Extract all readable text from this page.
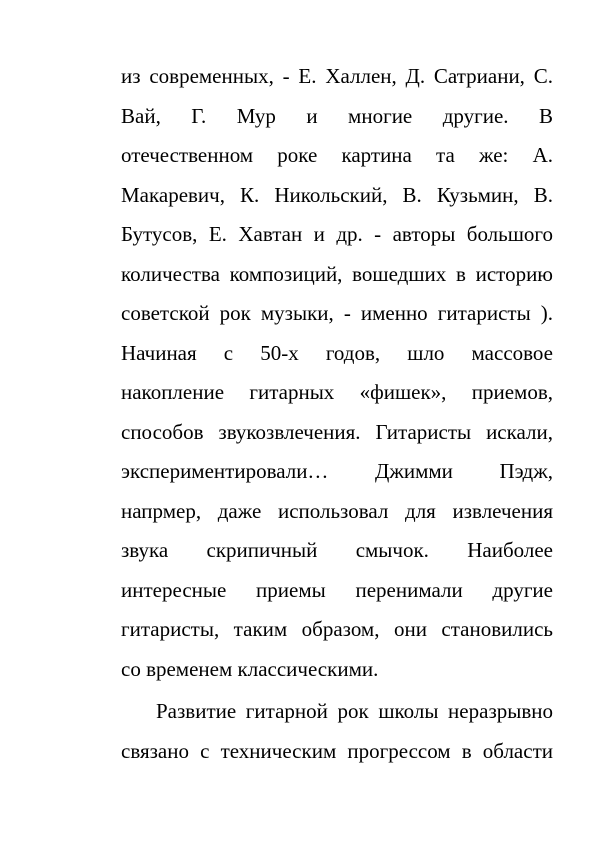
из современных, - Е. Халлен, Д. Сатриани, С.
Вай, Г. Мур и многие другие. В
отечественном роке картина та же: А.
Макаревич, К. Никольский, В. Кузьмин, В.
Бутусов, Е. Хавтан и др. - авторы большого
количества композиций, вошедших в историю
советской рок музыки, - именно гитаристы ).
Начиная с 50-х годов, шло массовое
накопление гитарных «фишек», приемов,
способов звукозвлечения. Гитаристы искали,
экспериментировали… Джимми Пэдж,
напрмер, даже использовал для извлечения
звука скрипичный смычок. Наиболее
интересные приемы перенимали другие
гитаристы, таким образом, они становились
со временем классическими.
Развитие гитарной рок школы неразрывно
связано с техническим прогрессом в области
